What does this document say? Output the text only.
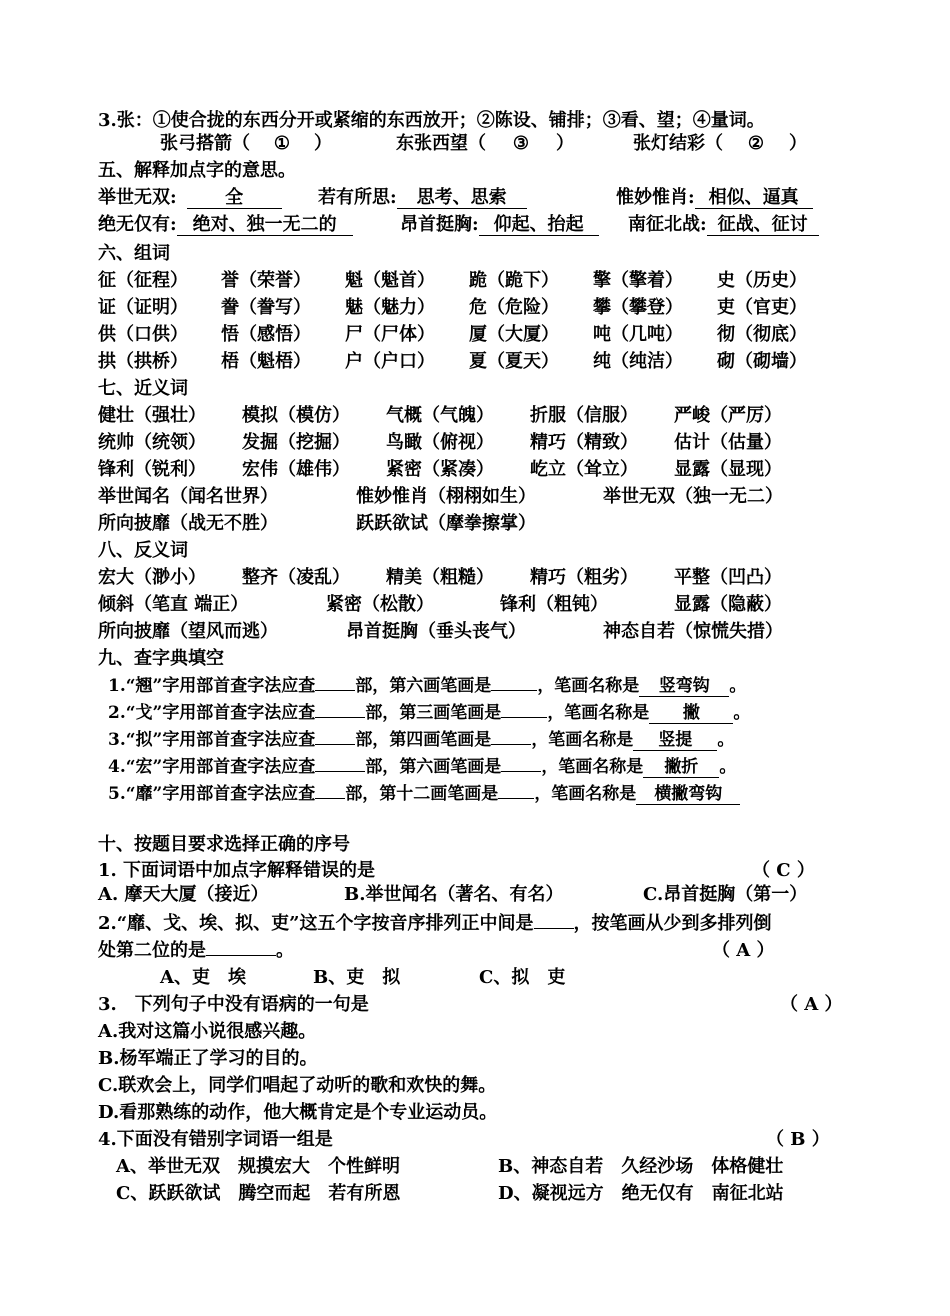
3.张：①使合拢的东西分开或紧缩的东西放开；②陈设、铺排；③看、望；④量词。
张弓搭箭（ ① ）	东张西望（ ③ ）	张灯结彩（ ② ）
五、解释加点字的意思。
举世无双:	全	若有所思: 思考、思索	惟妙惟肖: 相似、逼真
绝无仅有: 绝对、独一无二的	昂首挺胸: 仰起、抬起	南征北战: 征战、征讨
六、组词
征（征程） 誉（荣誉） 魁（魁首） 跪（跪下） 擎（擎着） 史（历史）
证（证明） 誊（誊写） 魅（魅力） 危（危险） 攀（攀登） 吏（官吏）
供（口供） 悟（感悟） 尸（尸体） 厦（大厦） 吨（几吨） 彻（彻底）
拱（拱桥） 梧（魁梧） 户（户口） 夏（夏天） 纯（纯洁） 砌（砌墙）
七、近义词
健壮（强壮） 模拟（模仿） 气概（气魄） 折服（信服） 严峻（严厉）
统帅（统领） 发掘（挖掘） 鸟瞰（俯视） 精巧（精致） 估计（估量）
锋利（锐利） 宏伟（雄伟） 紧密（紧凑） 屹立（耸立） 显露（显现）
举世闻名（闻名世界）	惟妙惟肖（栩栩如生）	举世无双（独一无二）
所向披靡（战无不胜）	跃跃欲试（摩拳擦掌）
八、反义词
宏大（渺小） 整齐（凌乱） 精美（粗糙） 精巧（粗劣） 平整（凹凸）
倾斜（笔直 端正）	紧密（松散）	锋利（粗钝）	显露（隐蔽）
所向披靡（望风而逃）	昂首挺胸（垂头丧气）	神态自若（惊慌失措）
九、查字典填空
1.“翘”字用部首查字法应查 部，第六画笔画是	，笔画名称是 竖弯钩 。
2.“戈”字用部首查字法应查	部，第三画笔画是	，笔画名称是 撇 。
3.“拟”字用部首查字法应查 部，第四画笔画是 ，笔画名称是 竖提 。
4.“宏”字用部首查字法应查	部，第六画笔画是 ，笔画名称是 撇折 。
5.“靡”字用部首查字法应查 部，第十二画笔画是 ，笔画名称是 横撇弯钩
十、按题目要求选择正确的序号
1. 下面词语中加点字解释错误的是	（ C ）
A. 摩天大厦（接近）	B.举世闻名（著名、有名）	C.昂首挺胸（第一）
2.“靡、戈、埃、拟、吏”这五个字按音序排列正中间是 ，按笔画从少到多排列倒
处第二位的是	。	（ A ）
A、吏　埃	B、吏　拟	C、拟　吏
3.　下列句子中没有语病的一句是	（ A ）
A.我对这篇小说很感兴趣。
B.杨军端正了学习的目的。
C.联欢会上，同学们唱起了动听的歌和欢快的舞。
D.看那熟练的动作，他大概肯定是个专业运动员。
4.下面没有错别字词语一组是	（ B ）
A、举世无双　规摸宏大　个性鲜明	B、神态自若　久经沙场　体格健壮
C、跃跃欲试　腾空而起　若有所恩	D、凝视远方　绝无仅有　南征北站
